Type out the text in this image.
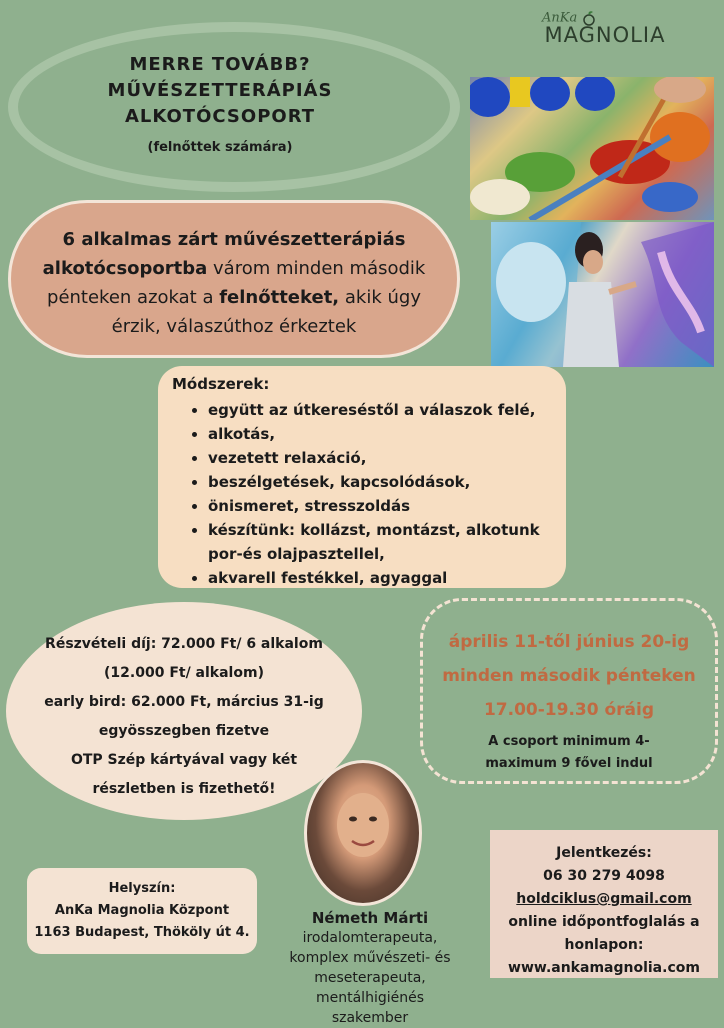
MERRE TOVÁBB?
MŰVÉSZETTERÁPIÁS
ALKOTÓCSOPORT
(felnőttek számára)
AnKa
MAGNOLIA
6 alkalmas zárt művészetterápiás alkotócsoportba várom minden második pénteken azokat a felnőtteket, akik úgy érzik, válaszúthoz érkeztek
Módszerek:
• együtt az útkereséstől a válaszok felé,
• alkotás,
• vezetett relaxáció,
• beszélgetések, kapcsolódások,
• önismeret, stresszoldás
• készítünk: kollázst, montázst, alkotunk por-és olajpasztellel,
• akvarell festékkel, agyaggal
Részvételi díj: 72.000 Ft/ 6 alkalom
(12.000 Ft/ alkalom)
early bird: 62.000 Ft, március 31-ig
egyösszegben fizetve
OTP Szép kártyával vagy két
részletben is fizethető!
április 11-től június 20-ig
minden második pénteken
17.00-19.30 óráig
A csoport minimum 4-
maximum 9 fővel indul
Németh Márti
irodalomterapeuta,
komplex művészeti- és
meseterapeuta, mentálhigiénés
szakember
Helyszín:
AnKa Magnolia Központ
1163 Budapest, Thököly út 4.
Jelentkezés:
06 30 279 4098
holdciklus@gmail.com
online időpontfoglalás a
honlapon:
www.ankamagnolia.com
